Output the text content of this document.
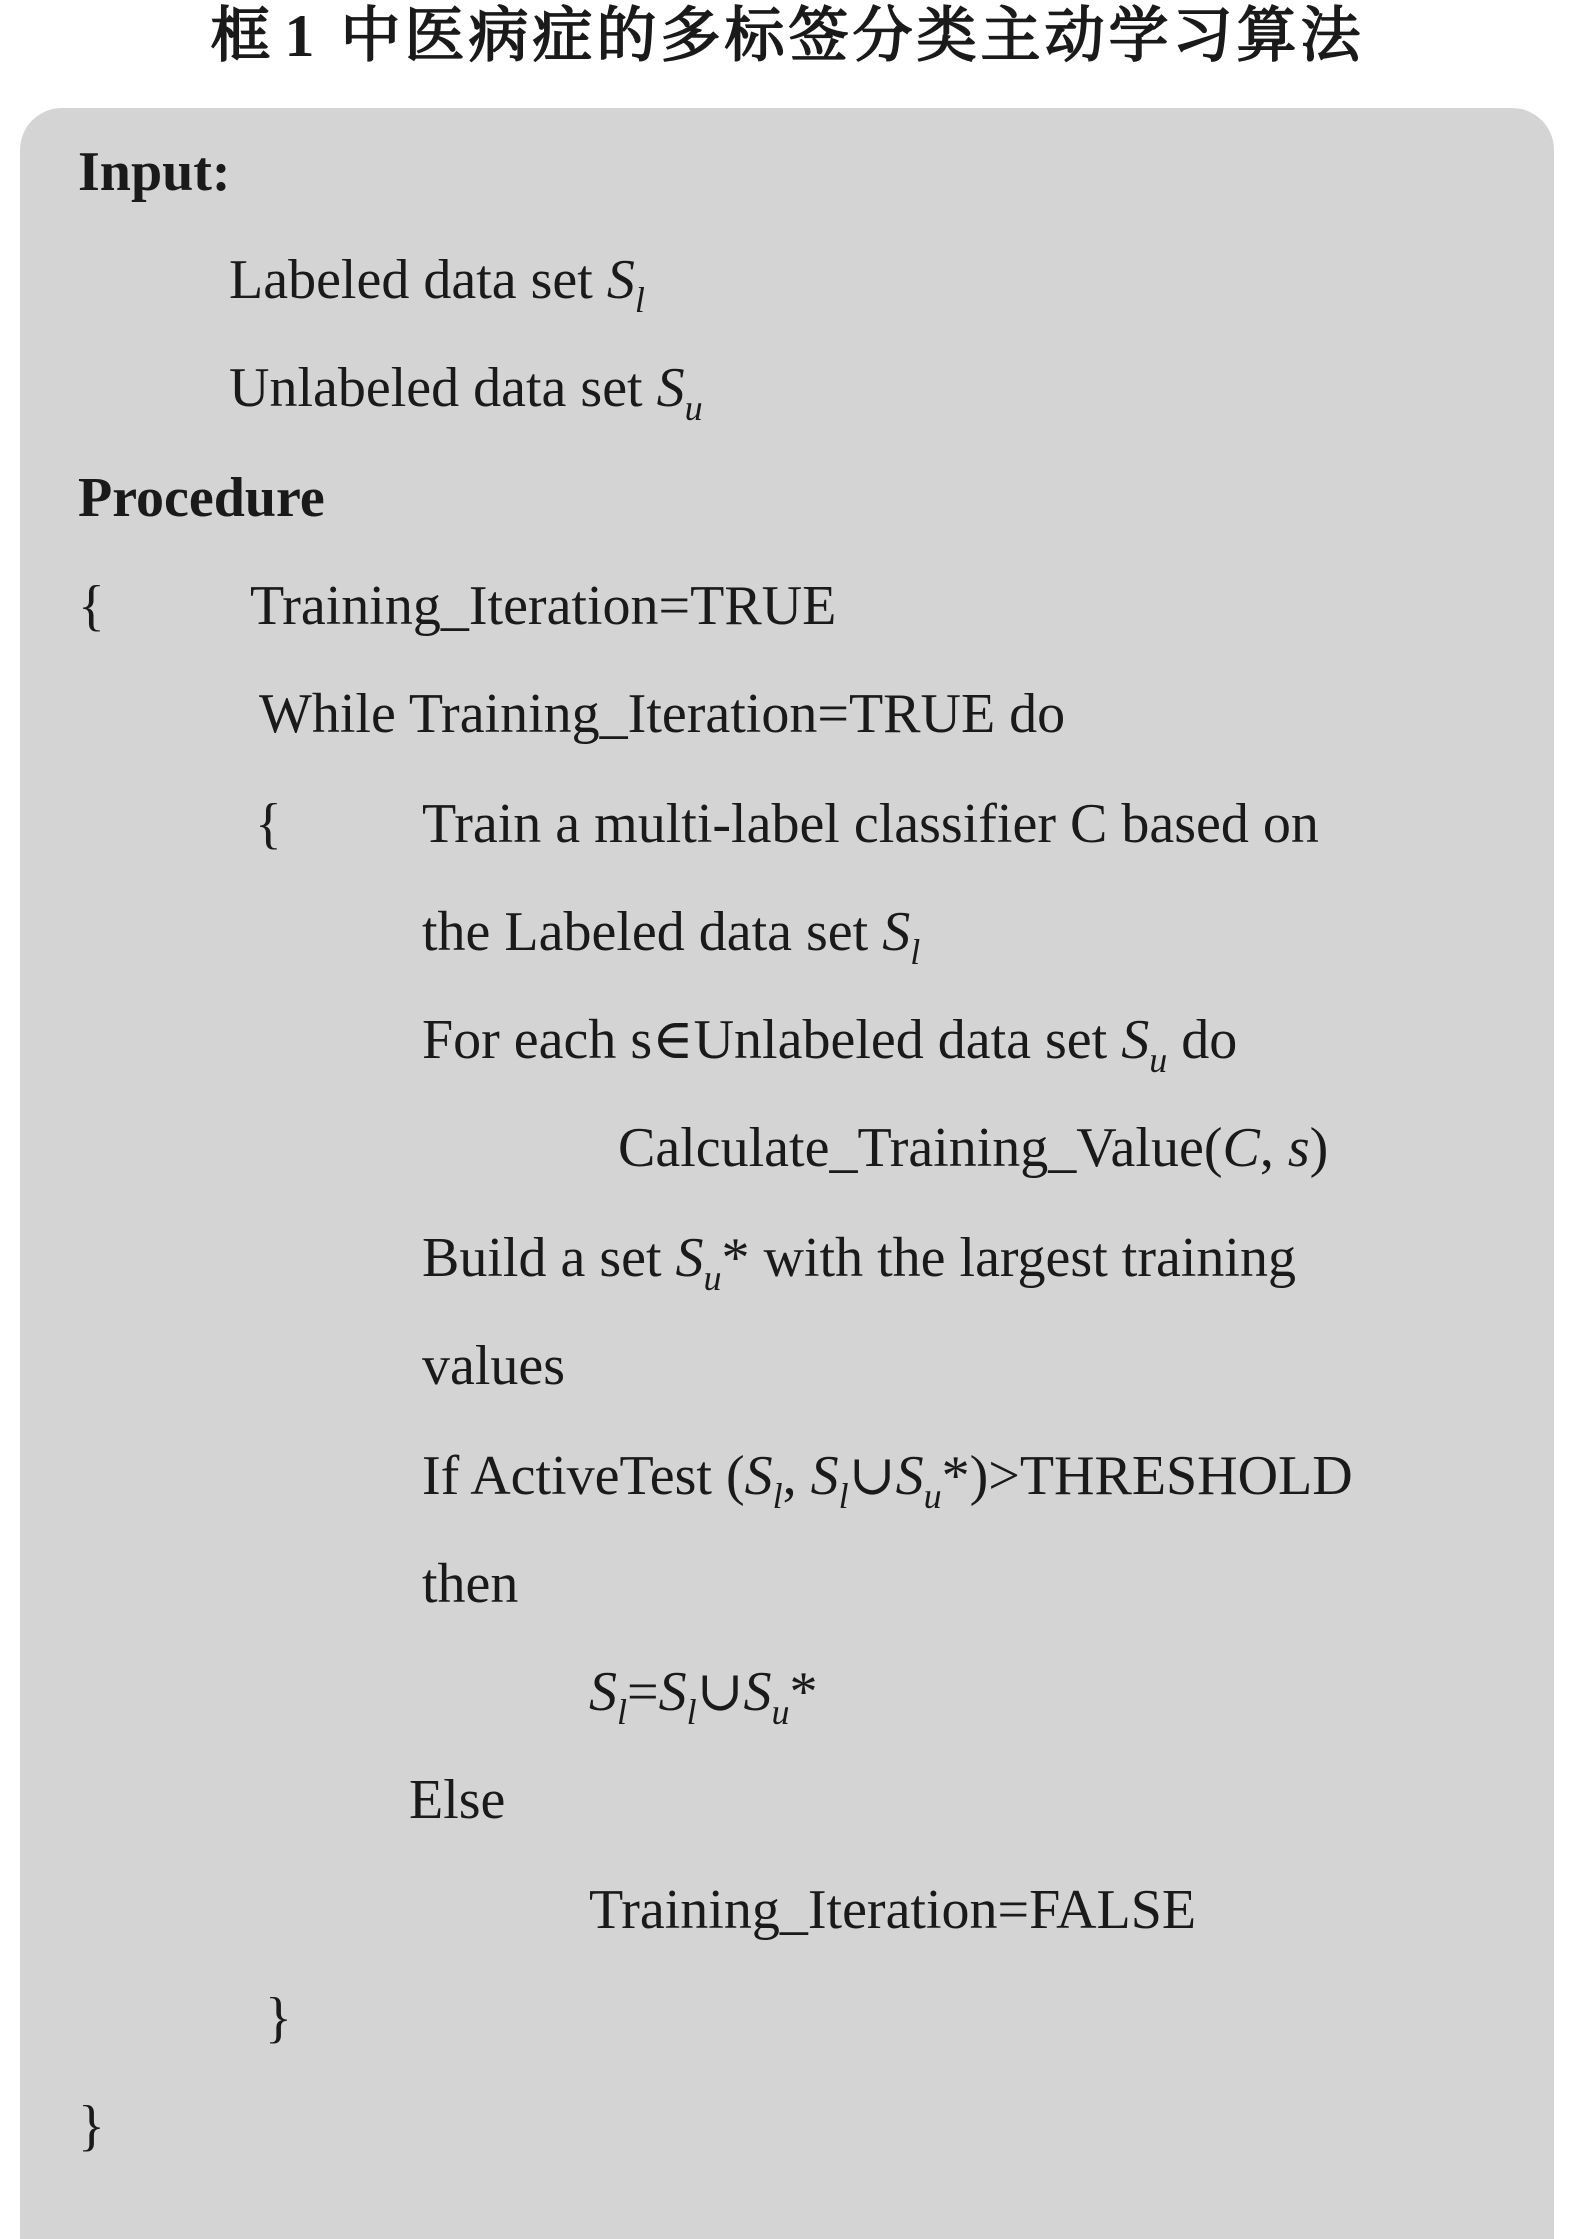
框 1 中医病症的多标签分类主动学习算法
Input:
Labeled data set $S_l$
Unlabeled data set $S_u$
Procedure
{	Training_Iteration=TRUE
While Training_Iteration=TRUE do
{	Train a multi-label classifier C based on
the Labeled data set $S_l$
For each s∈Unlabeled data set $S_u$ do
Calculate_Training_Value(C, s)
Build a set $S_u*$ with the largest training
values
If ActiveTest ($S_l$, $S_l\cup S_u*)>THRESHOLD$
then
$S_l=S_l\cup S_u*$
Else
Training_Iteration=FALSE
}
}
